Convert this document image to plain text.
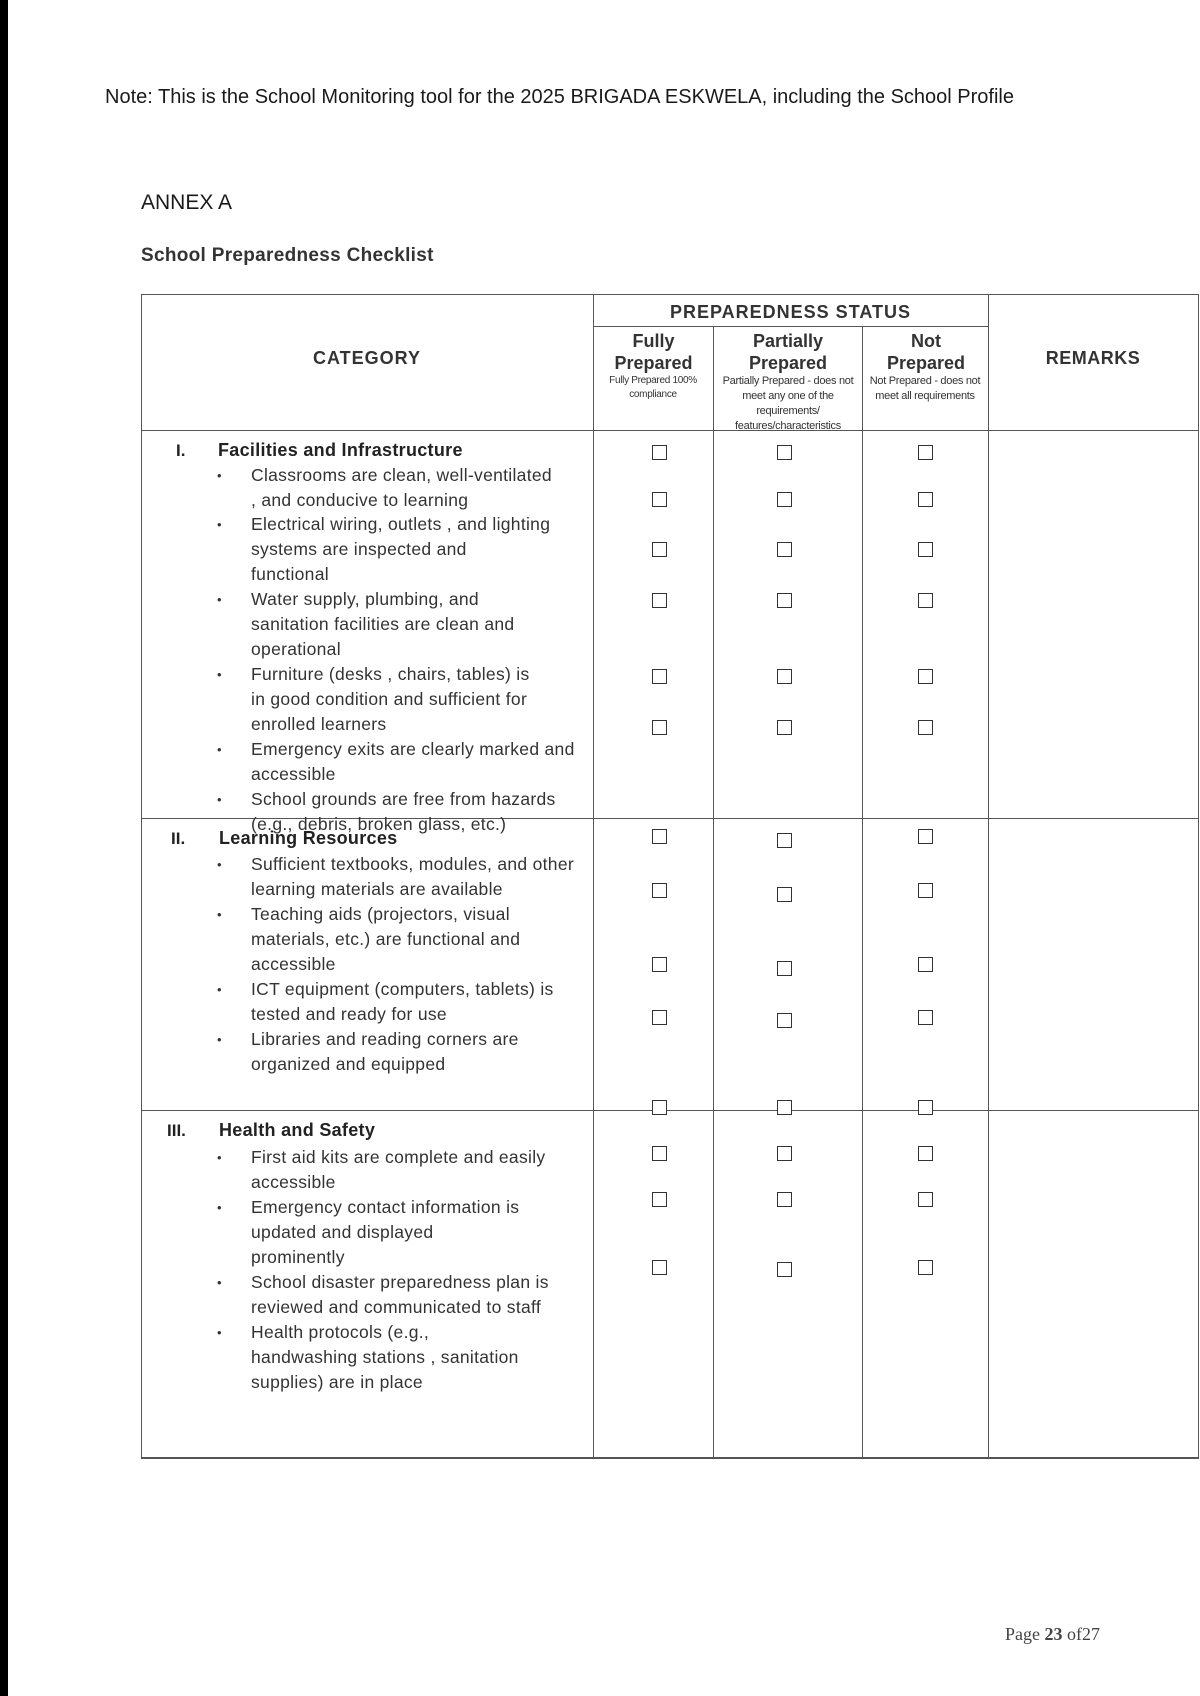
Note: This is the School Monitoring tool for the 2025 BRIGADA ESKWELA, including the School Profile
ANNEX A
School Preparedness Checklist
CATEGORY
PREPAREDNESS STATUS
REMARKS
Fully Prepared
Fully Prepared 100% compliance
Partially Prepared
Partially Prepared - does not meet any one of the requirements/ features/characteristics
Not Prepared
Not Prepared - does not meet all requirements
I. Facilities and Infrastructure
II. Learning Resources
III. Health and Safety
• Classrooms are clean, well-ventilated
, and conducive to learning
• Electrical wiring, outlets , and lighting
systems are inspected and
functional
• Water supply, plumbing, and
sanitation facilities are clean and
operational
• Furniture (desks , chairs, tables) is
in good condition and sufficient for
enrolled learners
• Emergency exits are clearly marked and
accessible
• School grounds are free from hazards
(e.g., debris, broken glass, etc.)
• Sufficient textbooks, modules, and other
learning materials are available
• Teaching aids (projectors, visual
materials, etc.) are functional and
accessible
• ICT equipment (computers, tablets) is
tested and ready for use
• Libraries and reading corners are
organized and equipped
• First aid kits are complete and easily
accessible
• Emergency contact information is
updated and displayed
prominently
• School disaster preparedness plan is
reviewed and communicated to staff
• Health protocols (e.g.,
handwashing stations , sanitation
supplies) are in place
Page 23 of27
